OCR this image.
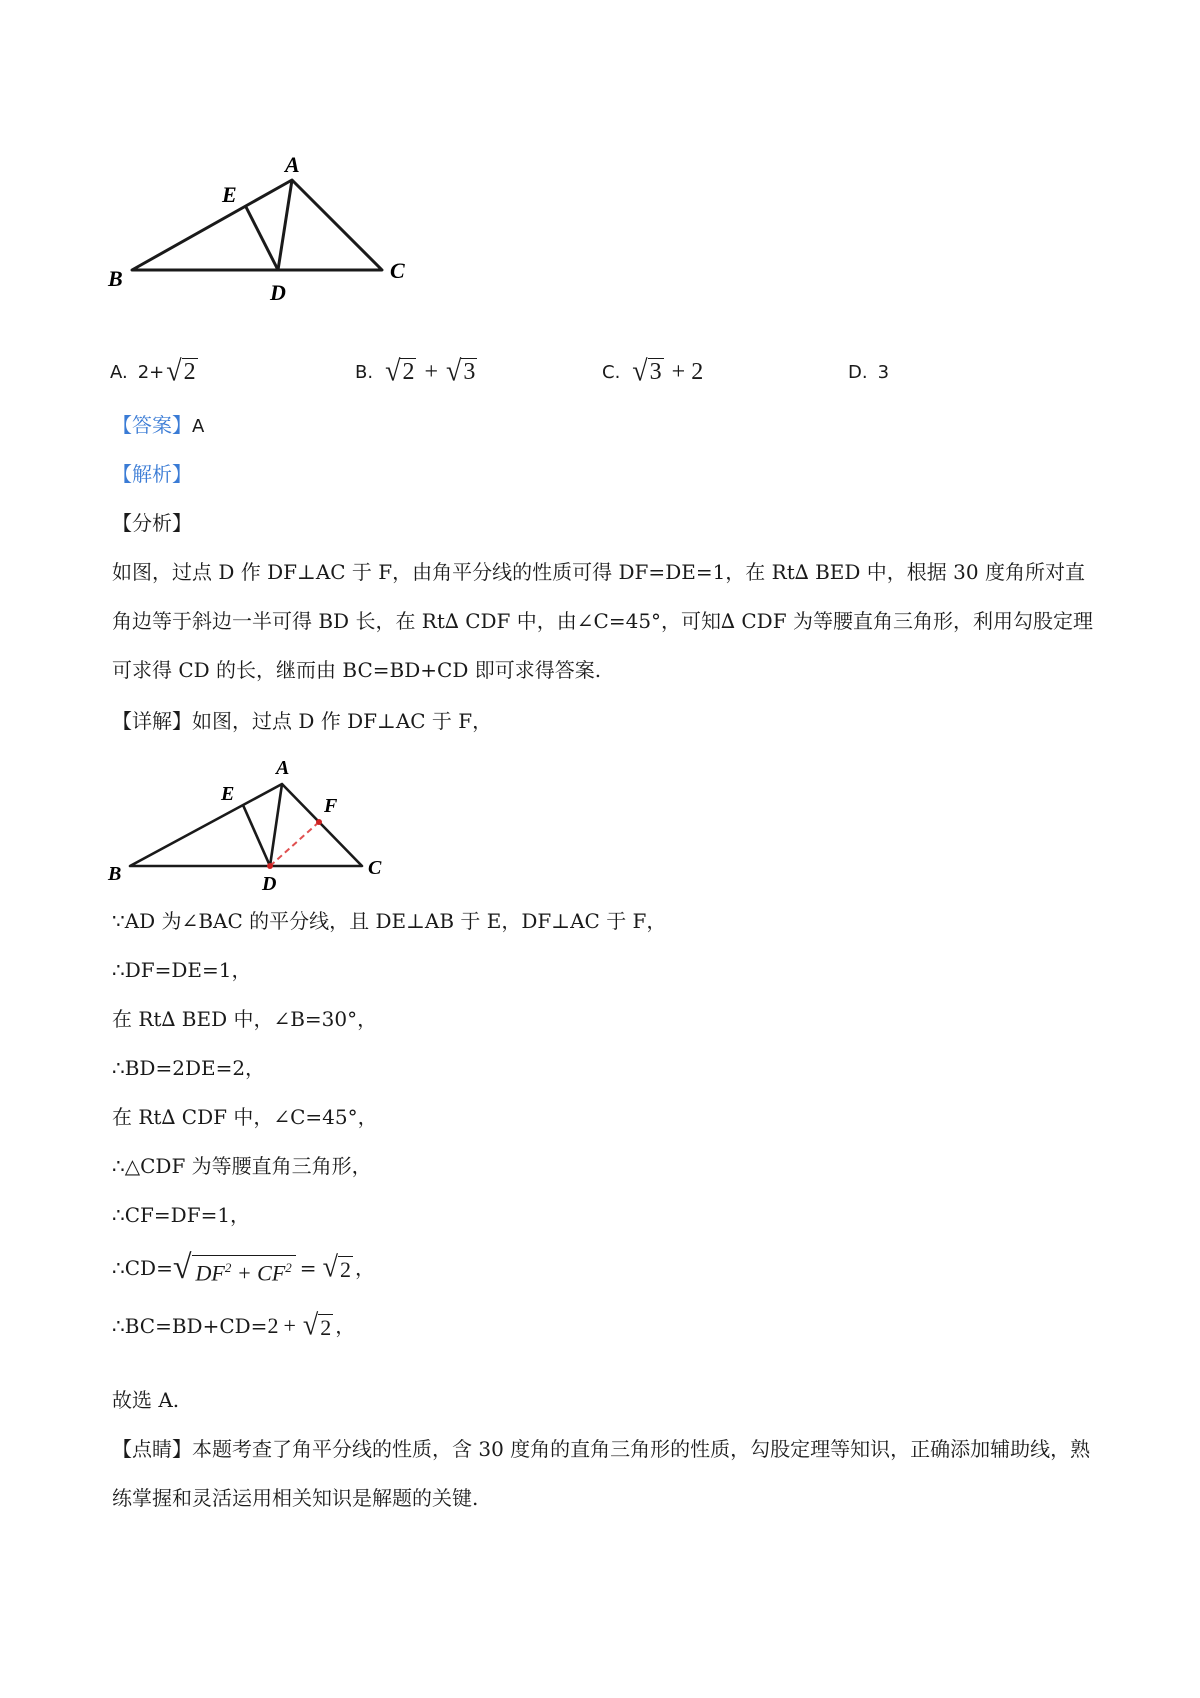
A
B	C
D
E
A. 2+ √ 2	B. √ 2 + √ 3	C. √ 3 + 2	D. 3
【答案】A
【解析】
【分析】
如图，过点 D 作 DF⊥AC 于 F，由角平分线的性质可得 DF=DE=1，在 Rt∆ BED 中，根据 30 度角所对直角边等于斜边一半可得 BD 长，在 Rt∆ CDF 中，由∠C=45°，可知∆ CDF 为等腰直角三角形，利用勾股定理可求得 CD 的长，继而由 BC=BD+CD 即可求得答案.
【详解】如图，过点 D 作 DF⊥AC 于 F，
A
B	C
D
E
F
∵AD 为∠BAC 的平分线，且 DE⊥AB 于 E，DF⊥AC 于 F，
∴DF=DE=1，
在 Rt∆ BED 中，∠B=30°，
∴BD=2DE=2，
在 Rt∆ CDF 中，∠C=45°，
∴△CDF 为等腰直角三角形，
∴CF=DF=1，
∴CD= √ $DF^2 + CF^2$ = √ 2 ，
∴BC=BD+CD= 2 + √ 2 ，
故选 A.
【点睛】本题考查了角平分线的性质，含 30 度角的直角三角形的性质，勾股定理等知识，正确添加辅助线，熟练掌握和灵活运用相关知识是解题的关键.
